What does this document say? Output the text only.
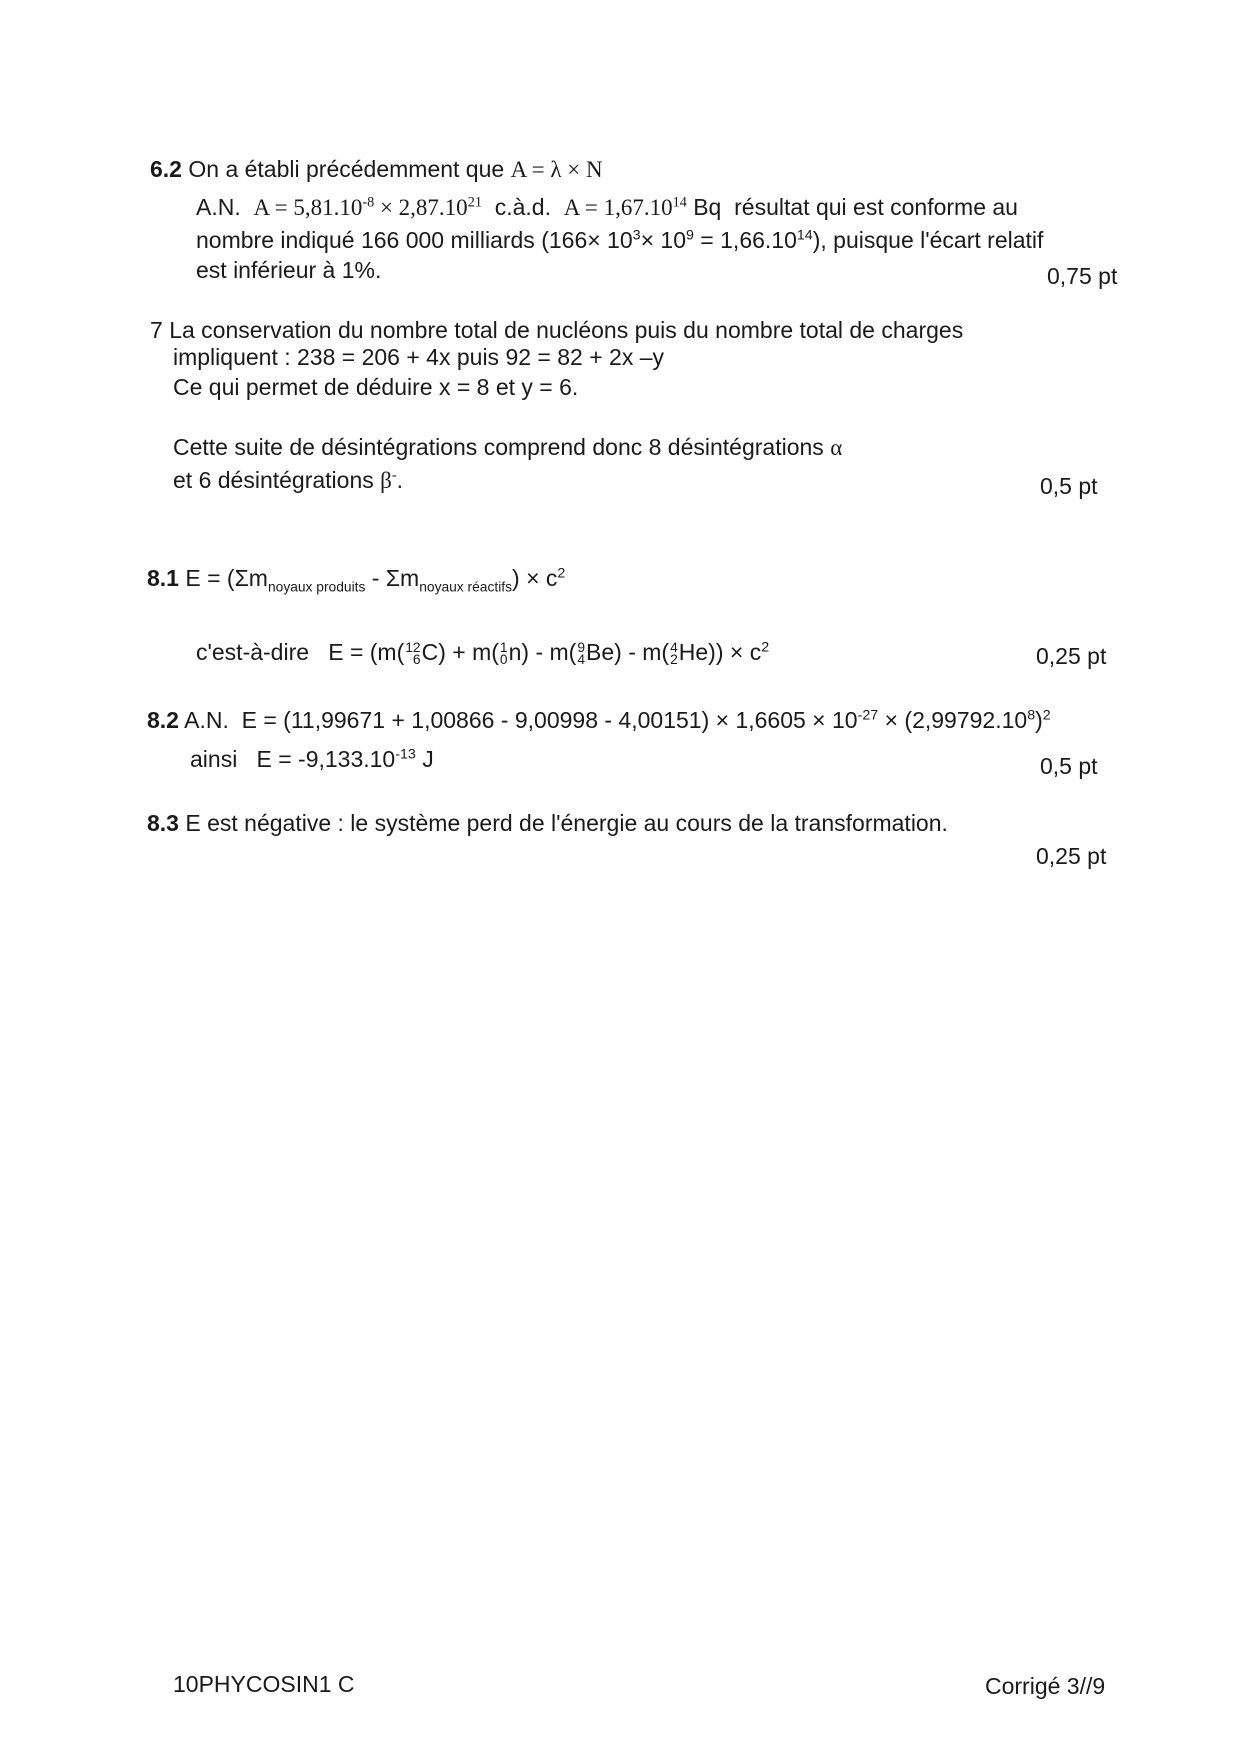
6.2 On a établi précédemment que A = λ × N
A.N. $A = 5,81.10^{-8} \times 2,87.10^{21}$ c.à.d. $A = 1,67.10^{14}$ Bq résultat qui est conforme au
nombre indiqué 166 000 milliards $(166\times 10^3\times 10^9 = 1,66.10^{14})$, puisque l'écart relatif
est inférieur à 1%.	0,75 pt
7 La conservation du nombre total de nucléons puis du nombre total de charges
impliquent : 238 = 206 + 4x puis 92 = 82 + 2x –y
Ce qui permet de déduire x = 8 et y = 6.
Cette suite de désintégrations comprend donc 8 désintégrations α
et 6 désintégrations β-.	0,5 pt
8.1 $E = (\Sigma m_{noyaux produits} - \Sigma m_{noyaux réactifs}) \times c^2$
c'est-à-dire E = (m( 12
6 C) + m( 1
0 n) - m( 9
4 Be) - m( 4
2 $He)) \times c^2$	0,25 pt
8.2 A.N. $E = (11,99671 + 1,00866 - 9,00998 - 4,00151) \times 1,6605 \times 10^{-27} \times (2,99792.10^8)^2$
ainsi $E = -9,133.10^{-13}$ J	0,5 pt
8.3 E est négative : le système perd de l'énergie au cours de la transformation.
0,25 pt
10PHYCOSIN1 C	Corrigé 3//9
